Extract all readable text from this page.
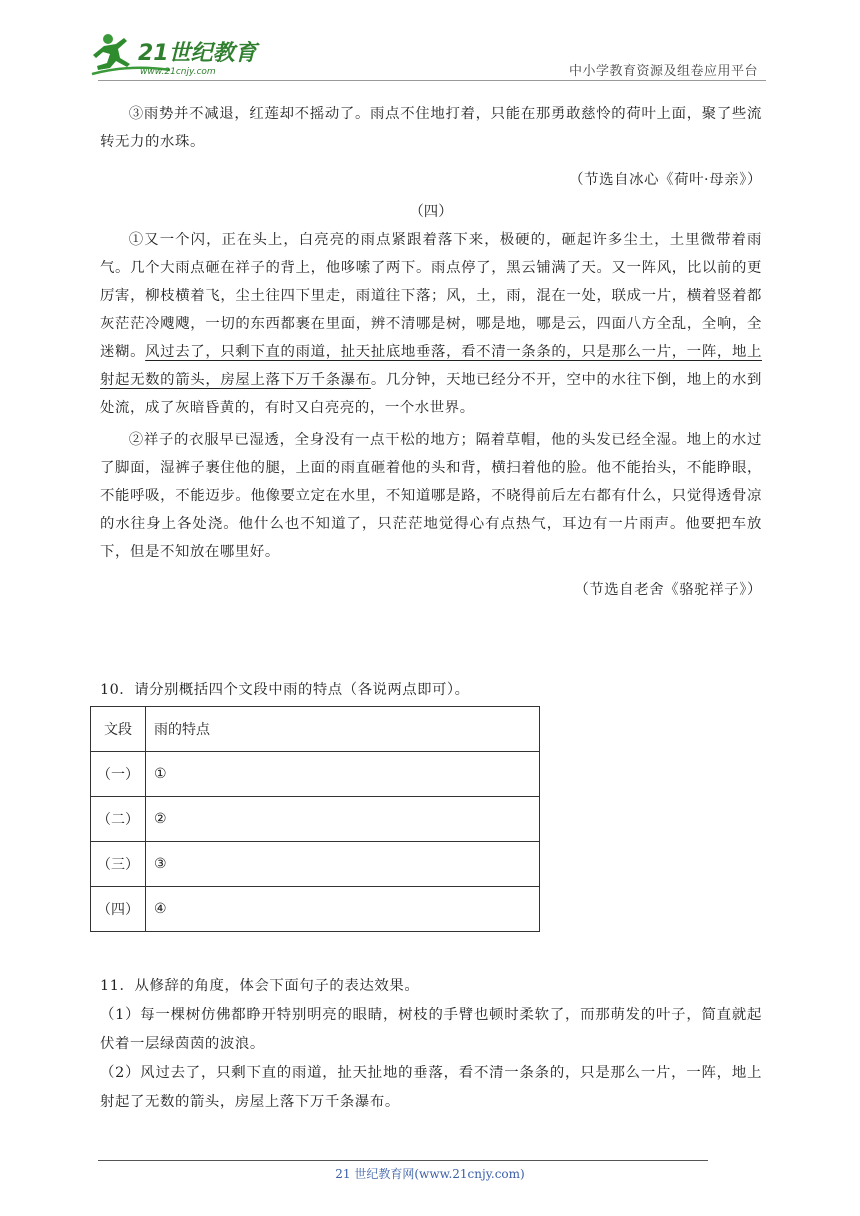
21世纪教育
www.21cnjy.com	中小学教育资源及组卷应用平台

③雨势并不减退，红莲却不摇动了。雨点不住地打着，只能在那勇敢慈怜的荷叶上面，聚了些流转无力的水珠。

（节选自冰心《荷叶·母亲》）

（四）

①又一个闪，正在头上，白亮亮的雨点紧跟着落下来，极硬的，砸起许多尘土，土里微带着雨气。几个大雨点砸在祥子的背上，他哆嗦了两下。雨点停了，黑云铺满了天。又一阵风，比以前的更厉害，柳枝横着飞，尘土往四下里走，雨道往下落；风，土，雨，混在一处，联成一片，横着竖着都灰茫茫冷飕飕，一切的东西都裹在里面，辨不清哪是树，哪是地，哪是云，四面八方全乱，全响，全迷糊。风过去了，只剩下直的雨道，扯天扯底地垂落，看不清一条条的，只是那么一片，一阵，地上射起无数的箭头，房屋上落下万千条瀑布。几分钟，天地已经分不开，空中的水往下倒，地上的水到处流，成了灰暗昏黄的，有时又白亮亮的，一个水世界。

②祥子的衣服早已湿透，全身没有一点干松的地方；隔着草帽，他的头发已经全湿。地上的水过了脚面，湿裤子裹住他的腿，上面的雨直砸着他的头和背，横扫着他的脸。他不能抬头，不能睁眼，不能呼吸，不能迈步。他像要立定在水里，不知道哪是路，不晓得前后左右都有什么，只觉得透骨凉的水往身上各处浇。他什么也不知道了，只茫茫地觉得心有点热气，耳边有一片雨声。他要把车放下，但是不知放在哪里好。

（节选自老舍《骆驼祥子》）

10．请分别概括四个文段中雨的特点（各说两点即可）。
文段	雨的特点
（一）	①
（二）	②
（三）	③
（四）	④

11．从修辞的角度，体会下面句子的表达效果。

（1）每一棵树仿佛都睁开特别明亮的眼睛，树枝的手臂也顿时柔软了，而那萌发的叶子，简直就起伏着一层绿茵茵的波浪。

（2）风过去了，只剩下直的雨道，扯天扯地的垂落，看不清一条条的，只是那么一片，一阵，地上射起了无数的箭头，房屋上落下万千条瀑布。

21 世纪教育网(www.21cnjy.com)
